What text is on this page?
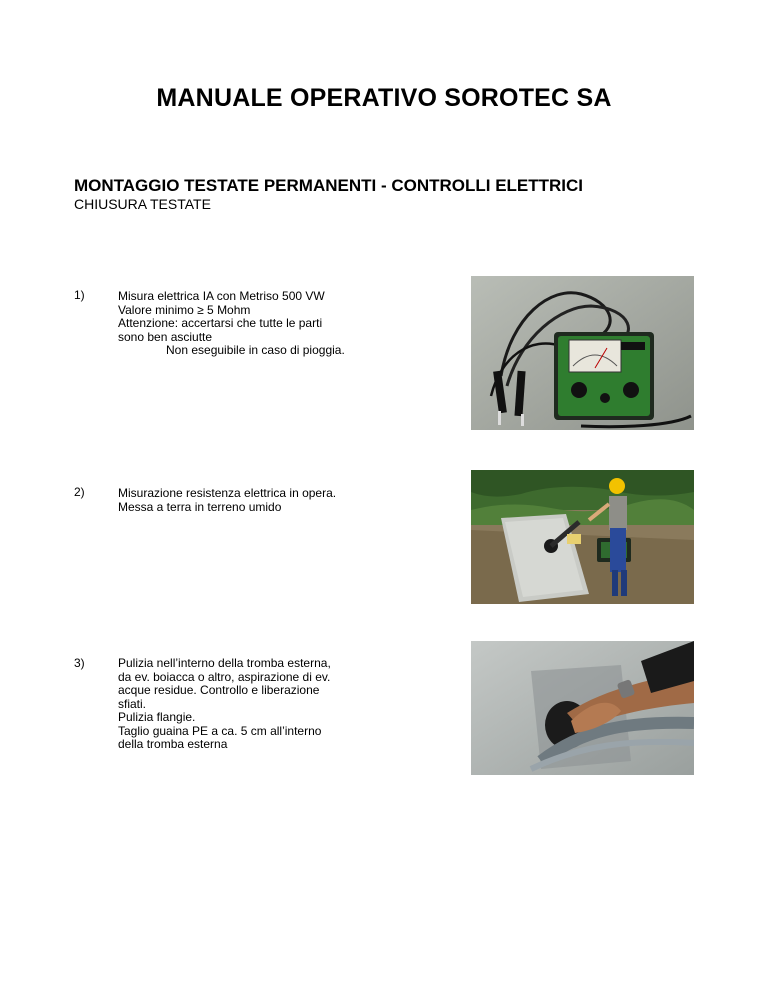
MANUALE OPERATIVO SOROTEC SA
MONTAGGIO TESTATE PERMANENTI - CONTROLLI ELETTRICI
CHIUSURA TESTATE
1)	Misura elettrica IA con Metriso 500 VW
Valore minimo ≥ 5 Mohm
Attenzione: accertarsi che tutte le parti
sono ben asciutte
Non eseguibile in caso di pioggia.
2)	Misurazione resistenza elettrica in opera.
Messa a terra in terreno umido
3)	Pulizia nell’interno della tromba esterna,
da ev. boiacca o altro, aspirazione di ev.
acque residue. Controllo e liberazione
sfiati.
Pulizia flangie.
Taglio guaina PE a ca. 5 cm all’interno
della tromba esterna
